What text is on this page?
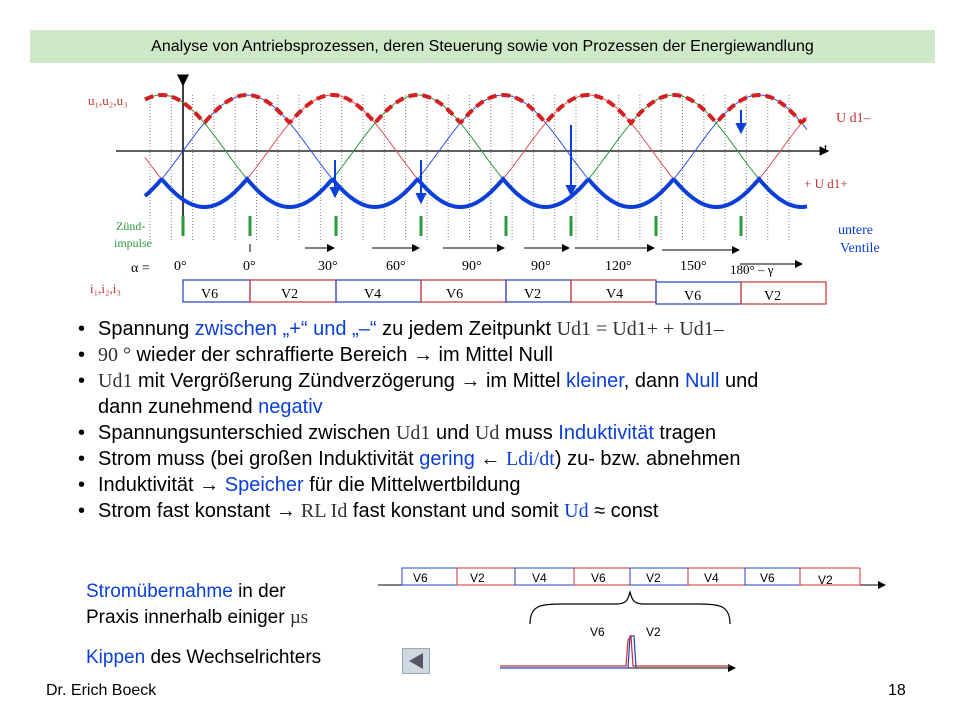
Analyse von Antriebsprozessen, deren Steuerung sowie von Prozessen der Energiewandlung
u₁,u₂,u₃
t
U d1–
+ U d1+
Zünd-
impulse
untere
Ventile
α =
i₁,i₂,i₃
0°	0°	30°	60°	90°	90°	120°	150° 180° – γ
V6	V2	V4	V6	V2	V4	V6	V2
V6	V2
V6	V2	V4	V6	V2	V4	V6	V2
• Spannung zwischen „+“ und „–“ zu jedem Zeitpunkt Ud1 = Ud1+ + Ud1–
• 90 ° wieder der schraffierte Bereich → im Mittel Null
• Ud1 mit Vergrößerung Zündverzögerung → im Mittel kleiner, dann Null und
dann zunehmend negativ
• Spannungsunterschied zwischen Ud1 und Ud muss Induktivität tragen
• Strom muss (bei großen Induktivität gering ← Ldi/dt) zu- bzw. abnehmen
• Induktivität → Speicher für die Mittelwertbildung
• Strom fast konstant → RL Id fast konstant und somit Ud ≈ const
Stromübernahme in der
Praxis innerhalb einiger µs
Kippen des Wechselrichters
Dr. Erich Boeck	18
